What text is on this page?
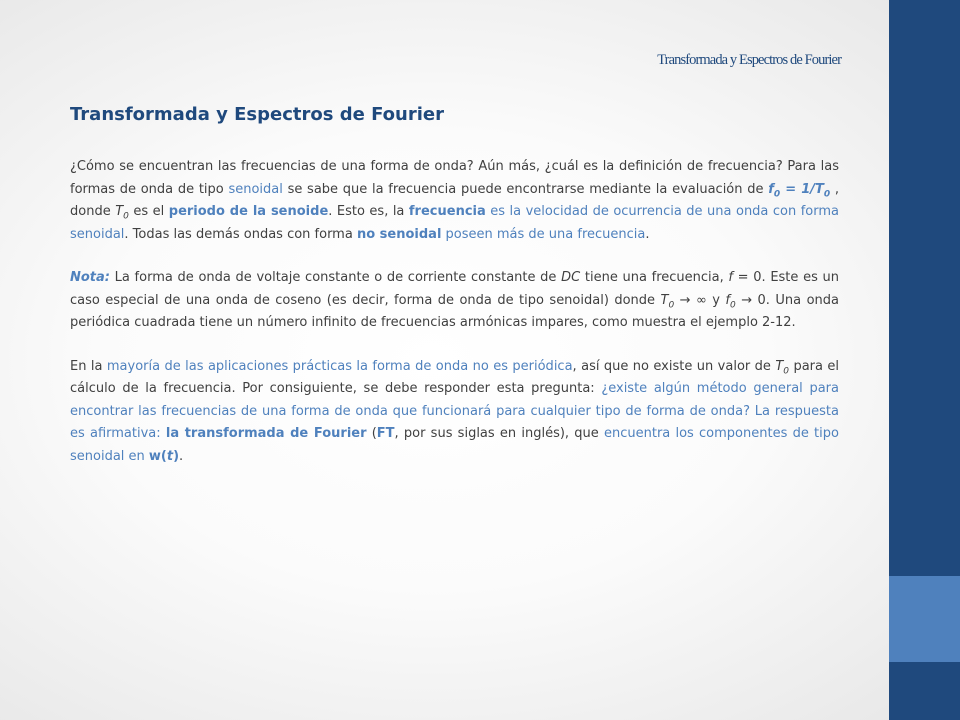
Transformada y Espectros de Fourier
Transformada y Espectros de Fourier

¿Cómo se encuentran las frecuencias de una forma de onda? Aún más, ¿cuál es la definición de frecuencia? Para las formas de onda de tipo senoidal se sabe que la frecuencia puede encontrarse mediante la evaluación de $f_0 = 1/T_0$ , donde $T_0$ es el periodo de la senoide. Esto es, la frecuencia es la velocidad de ocurrencia de una onda con forma senoidal. Todas las demás ondas con forma no senoidal poseen más de una frecuencia.

Nota: La forma de onda de voltaje constante o de corriente constante de DC tiene una frecuencia, f = 0. Este es un caso especial de una onda de coseno (es decir, forma de onda de tipo senoidal) donde $T_0$ → ∞ y $f_0 \to 0$. Una onda periódica cuadrada tiene un número infinito de frecuencias armónicas impares, como muestra el ejemplo 2-12.

En la mayoría de las aplicaciones prácticas la forma de onda no es periódica, así que no existe un valor de $T_0$ para el cálculo de la frecuencia. Por consiguiente, se debe responder esta pregunta: ¿existe algún método general para encontrar las frecuencias de una forma de onda que funcionará para cualquier tipo de forma de onda? La respuesta es afirmativa: la transformada de Fourier (FT, por sus siglas en inglés), que encuentra los componentes de tipo senoidal en w(t).
